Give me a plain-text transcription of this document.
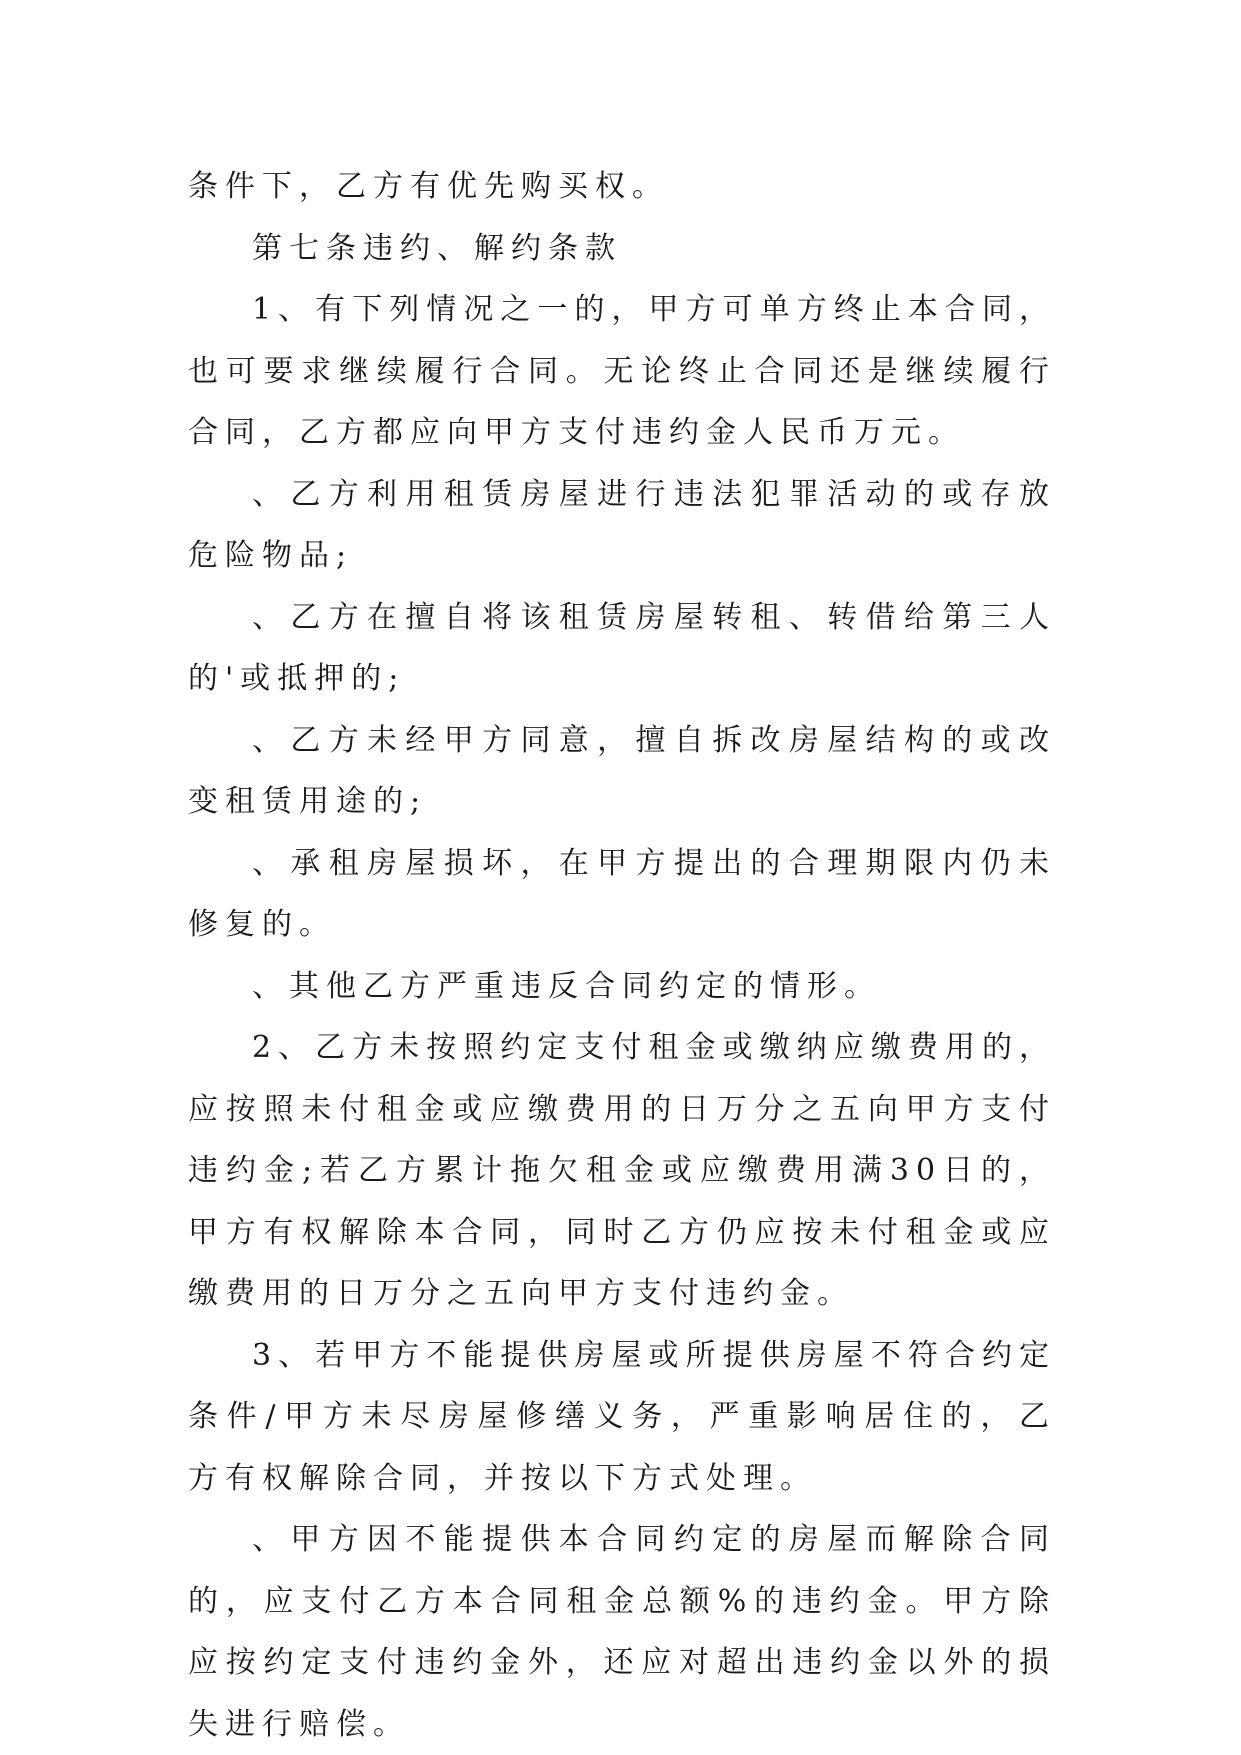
条件下，乙方有优先购买权。

第七条违约、解约条款

1、有下列情况之一的，甲方可单方终止本合同，也可要求继续履行合同。无论终止合同还是继续履行合同，乙方都应向甲方支付违约金人民币万元。

、乙方利用租赁房屋进行违法犯罪活动的或存放危险物品;

、乙方在擅自将该租赁房屋转租、转借给第三人的'或抵押的;

、乙方未经甲方同意，擅自拆改房屋结构的或改变租赁用途的;

、承租房屋损坏，在甲方提出的合理期限内仍未修复的。

、其他乙方严重违反合同约定的情形。

2、乙方未按照约定支付租金或缴纳应缴费用的，应按照未付租金或应缴费用的日万分之五向甲方支付违约金;若乙方累计拖欠租金或应缴费用满30日的，甲方有权解除本合同，同时乙方仍应按未付租金或应缴费用的日万分之五向甲方支付违约金。

3、若甲方不能提供房屋或所提供房屋不符合约定条件/甲方未尽房屋修缮义务，严重影响居住的，乙方有权解除合同，并按以下方式处理。

、甲方因不能提供本合同约定的房屋而解除合同的，应支付乙方本合同租金总额%的违约金。甲方除应按约定支付违约金外，还应对超出违约金以外的损失进行赔偿。
